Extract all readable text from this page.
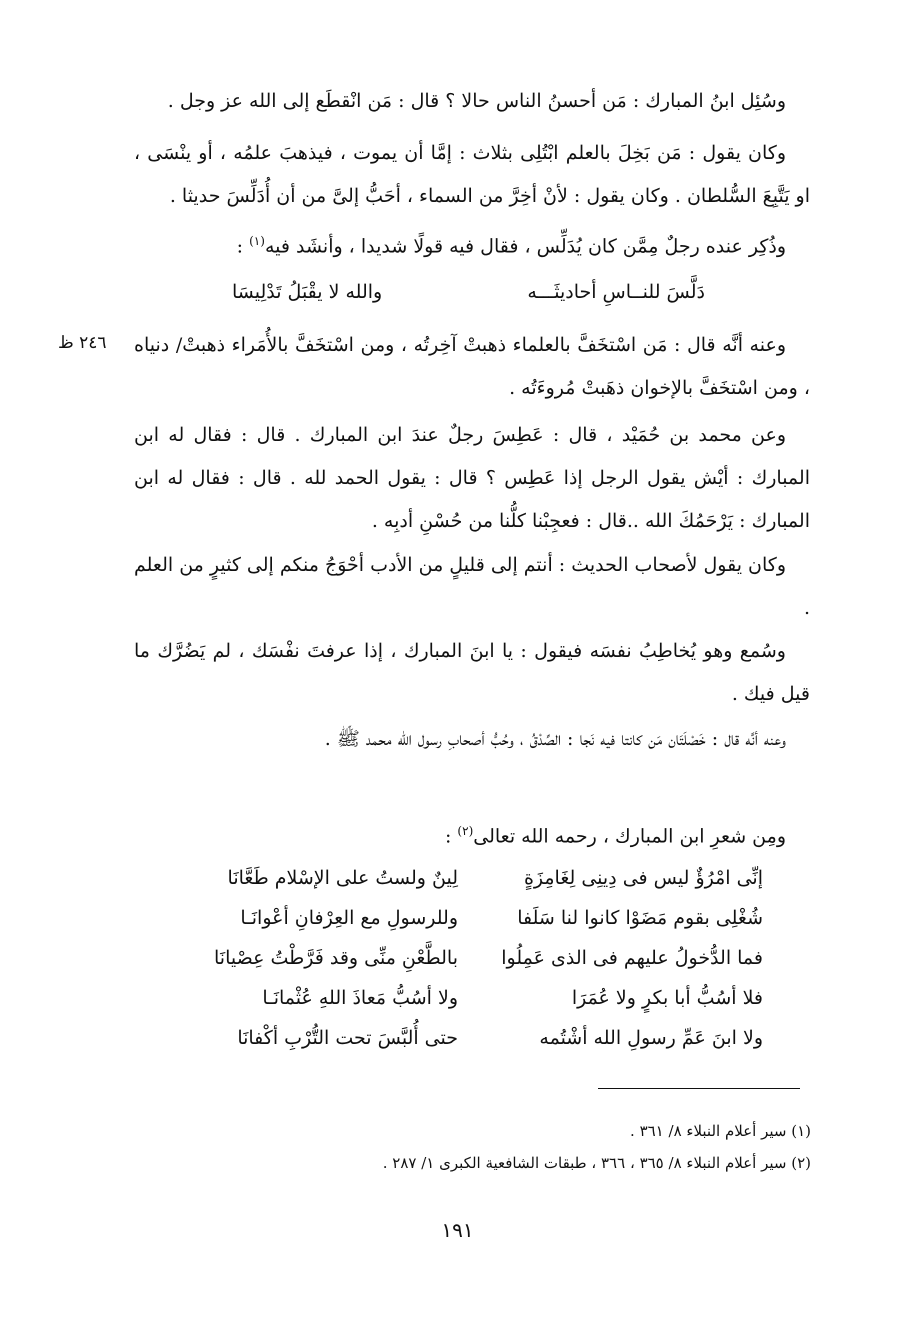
وسُئِل ابنُ المبارك : مَن أحسنُ الناس حالا ؟ قال : مَن انْقطَع إلى الله عز وجل .

وكان يقول : مَن بَخِلَ بالعلم ابْتُلِى بثلاث : إمَّا أن يموت ، فيذهبَ علمُه ، أو ينْسَى ، او يَتَّبِعَ السُّلطان . وكان يقول : لأنْ أخِرَّ من السماء ، أحَبُّ إلىَّ من أن أُدَلِّسَ حديثا .

وذُكِر عنده رجلٌ مِمَّن كان يُدَلِّس ، فقال فيه قولًا شديدا ، وأنشَد فيه$^{(١)}$ :

دَلَّسَ للنــاسِ أحاديثَـــه
والله لا يقْبَلُ تَدْلِيسَا
٢٤٦ ظ وعنه أنَّه قال : مَن اسْتخَفَّ بالعلماء ذهبتْ آخِرتُه ، ومن اسْتخَفَّ بالأُمَراء ذهبتْ/ دنياه ، ومن اسْتخَفَّ بالإخوان ذهَبتْ مُروءَتُه .

وعن محمد بن حُمَيْد ، قال : عَطِسَ رجلٌ عندَ ابن المبارك . قال : فقال له ابن المبارك : أيْش يقول الرجل إذا عَطِس ؟ قال : يقول الحمد لله . قال : فقال له ابن المبارك : يَرْحَمُكَ الله ..قال : فعجِبْنا كلُّنا من حُسْنِ أدبِه .

وكان يقول لأصحاب الحديث : أنتم إلى قليلٍ من الأدب أحْوَجُ منكم إلى كثيرٍ من العلم .

وسُمع وهو يُخاطِبُ نفسَه فيقول : يا ابنَ المبارك ، إذا عرفتَ نفْسَك ، لم يَضُرَّك ما قيل فيك .

وعنه أنَّه قال : خَصْلَتَان مَن كانتا فيه نَجا : الصِّدْقُ ، وحُبُّ أصحابِ رسول الله محمد ﷺ .

ومِن شعرِ ابن المبارك ، رحمه الله تعالى$^{(٢)}$ :

إنِّى امْرُؤٌ ليس فى دِينِى لِغَامِزَةٍ
لِينٌ ولستُ على الإسْلام طَعَّانَا
شُغْلِى بقوم مَضَوْا كانوا لنا سَلَفا
وللرسولِ مع العِرْفانِ أعْوانَـا
فما الدُّخولُ عليهم فى الذى عَمِلُوا
بالطَّعْنِ منِّى وقد فَرَّطْتُ عِصْيانَا
فلا أسُبُّ أبا بكرٍ ولا عُمَرَا
ولا أسُبُّ مَعاذَ اللهِ عُثْمانَـا
ولا ابنَ عَمِّ رسولِ الله أشْتُمه
حتى أُلبَّسَ تحت التُّرْبِ أكْفانَا
(١) سير أعلام النبلاء ٨/ ٣٦١ .
(٢) سير أعلام النبلاء ٨/ ٣٦٥ ، ٣٦٦ ، طبقات الشافعية الكبرى ١/ ٢٨٧ .
١٩١
